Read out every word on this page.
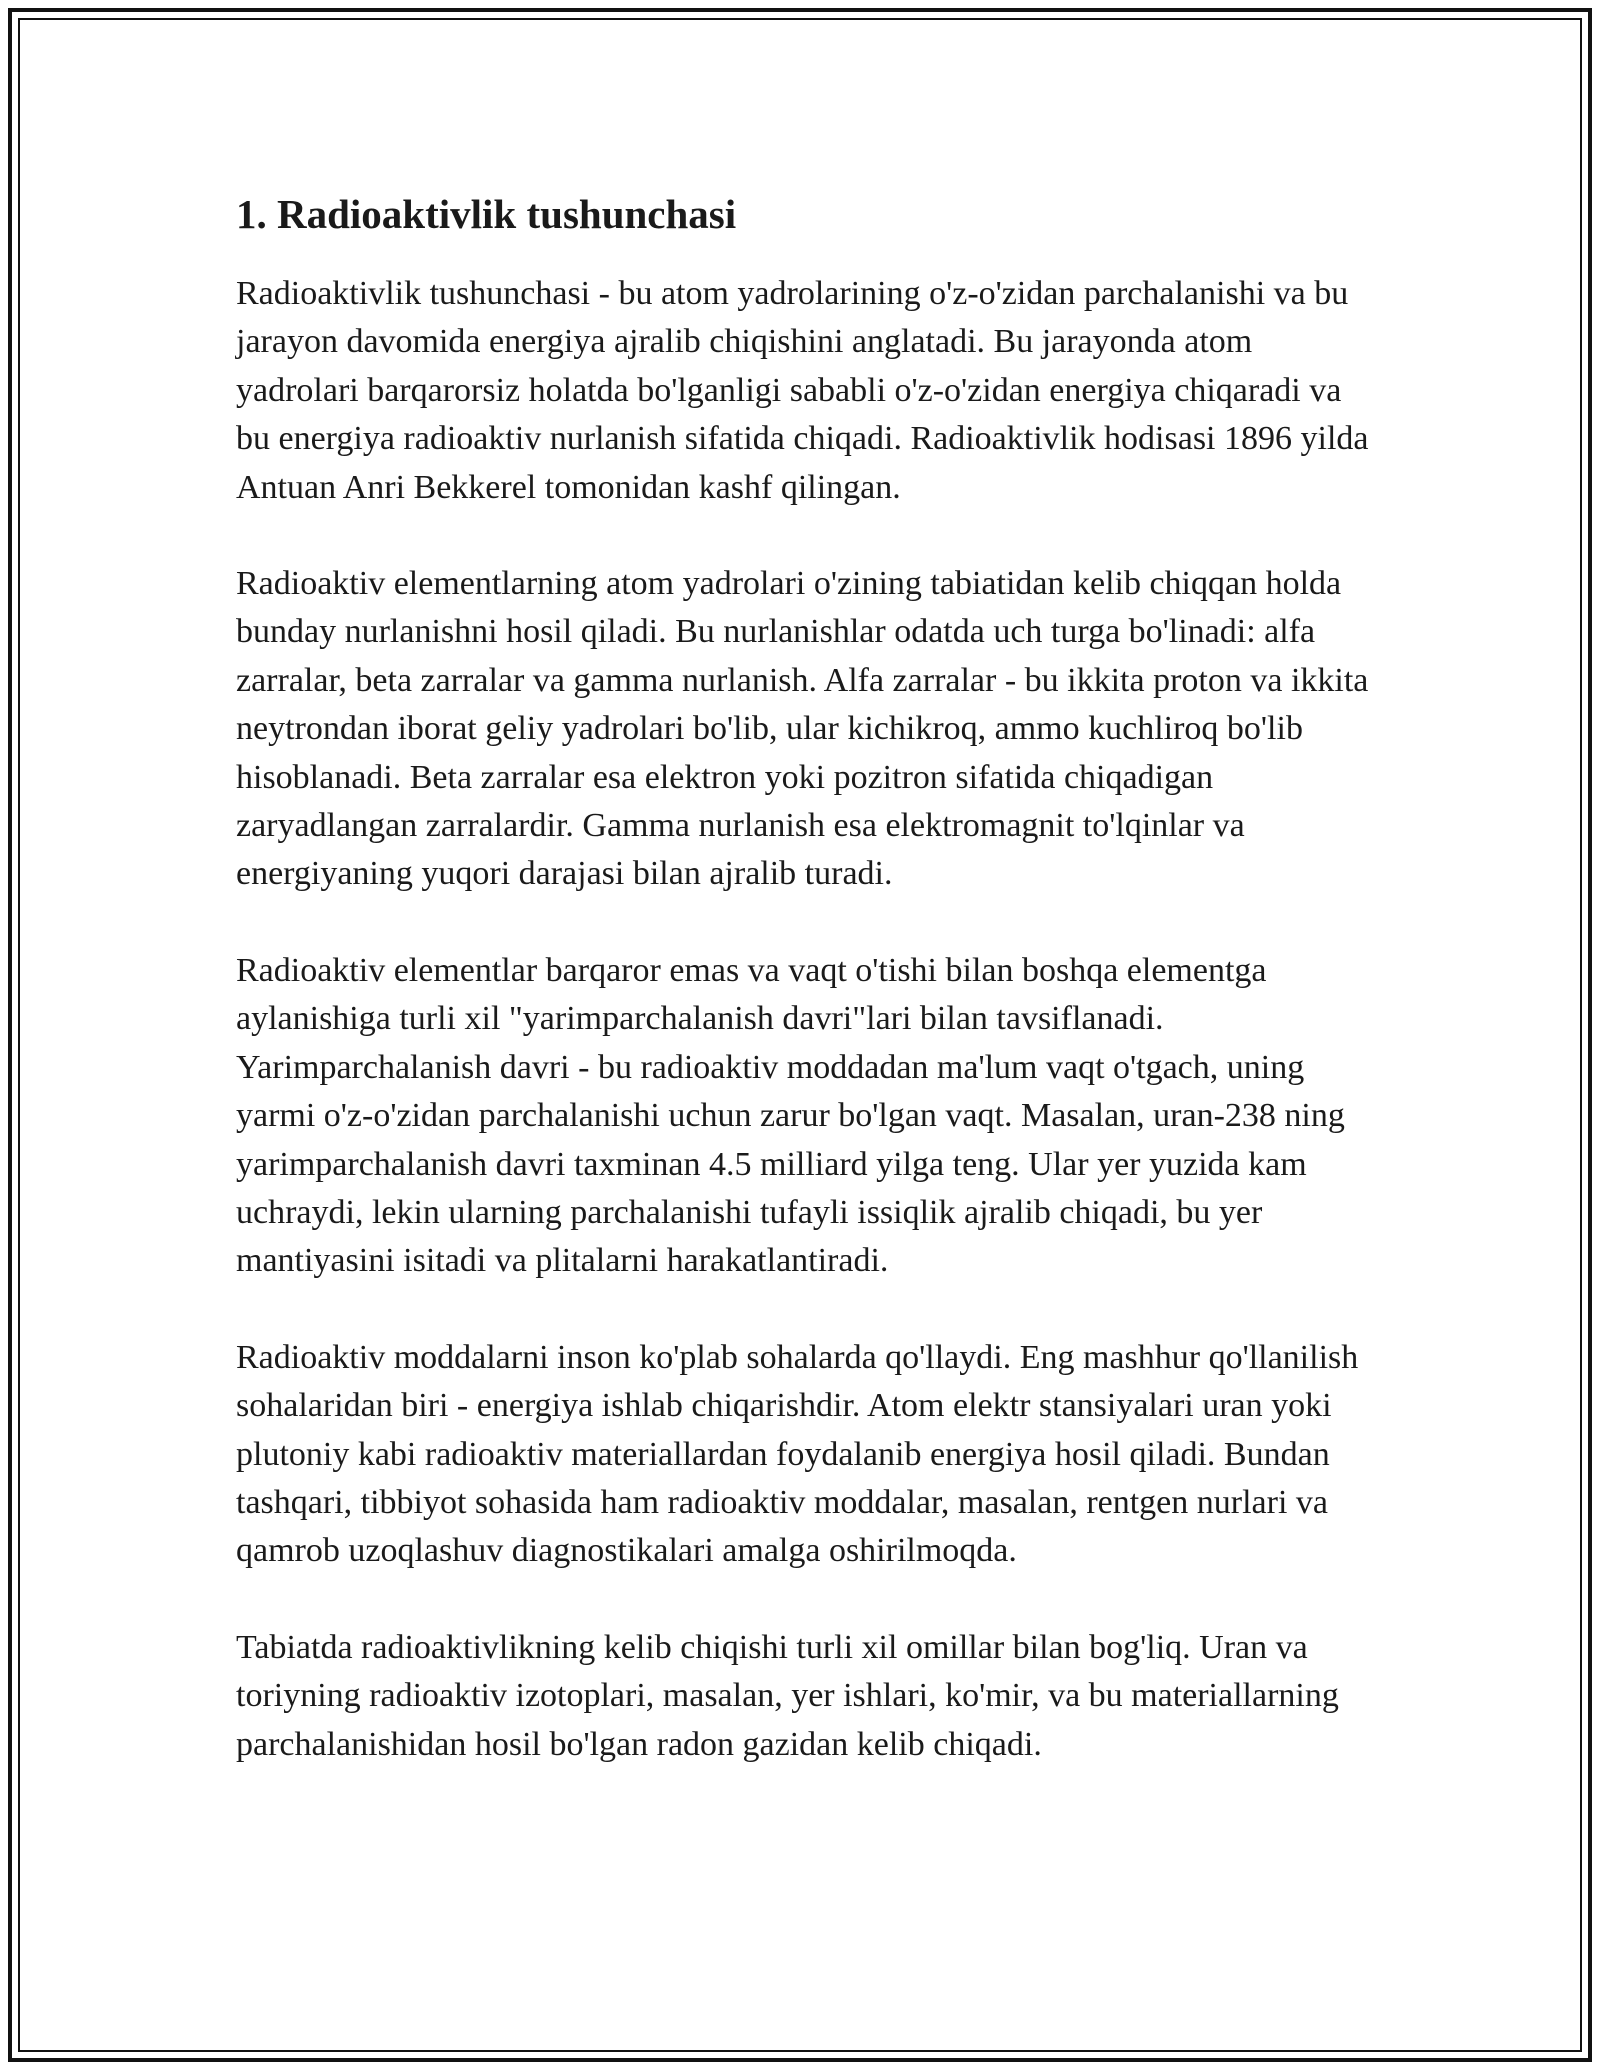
1. Radioaktivlik tushunchasi

Radioaktivlik tushunchasi - bu atom yadrolarining o'z-o'zidan parchalanishi va bu jarayon davomida energiya ajralib chiqishini anglatadi. Bu jarayonda atom yadrolari barqarorsiz holatda bo'lganligi sababli o'z-o'zidan energiya chiqaradi va bu energiya radioaktiv nurlanish sifatida chiqadi. Radioaktivlik hodisasi 1896 yilda Antuan Anri Bekkerel tomonidan kashf qilingan.

Radioaktiv elementlarning atom yadrolari o'zining tabiatidan kelib chiqqan holda bunday nurlanishni hosil qiladi. Bu nurlanishlar odatda uch turga bo'linadi: alfa zarralar, beta zarralar va gamma nurlanish. Alfa zarralar - bu ikkita proton va ikkita neytrondan iborat geliy yadrolari bo'lib, ular kichikroq, ammo kuchliroq bo'lib hisoblanadi. Beta zarralar esa elektron yoki pozitron sifatida chiqadigan zaryadlangan zarralardir. Gamma nurlanish esa elektromagnit to'lqinlar va energiyaning yuqori darajasi bilan ajralib turadi.

Radioaktiv elementlar barqaror emas va vaqt o'tishi bilan boshqa elementga aylanishiga turli xil "yarimparchalanish davri"lari bilan tavsiflanadi. Yarimparchalanish davri - bu radioaktiv moddadan ma'lum vaqt o'tgach, uning yarmi o'z-o'zidan parchalanishi uchun zarur bo'lgan vaqt. Masalan, uran-238 ning yarimparchalanish davri taxminan 4.5 milliard yilga teng. Ular yer yuzida kam uchraydi, lekin ularning parchalanishi tufayli issiqlik ajralib chiqadi, bu yer mantiyasini isitadi va plitalarni harakatlantiradi.

Radioaktiv moddalarni inson ko'plab sohalarda qo'llaydi. Eng mashhur qo'llanilish sohalaridan biri - energiya ishlab chiqarishdir. Atom elektr stansiyalari uran yoki plutoniy kabi radioaktiv materiallardan foydalanib energiya hosil qiladi. Bundan tashqari, tibbiyot sohasida ham radioaktiv moddalar, masalan, rentgen nurlari va qamrob uzoqlashuv diagnostikalari amalga oshirilmoqda.

Tabiatda radioaktivlikning kelib chiqishi turli xil omillar bilan bog'liq. Uran va toriyning radioaktiv izotoplari, masalan, yer ishlari, ko'mir, va bu materiallarning parchalanishidan hosil bo'lgan radon gazidan kelib chiqadi.
